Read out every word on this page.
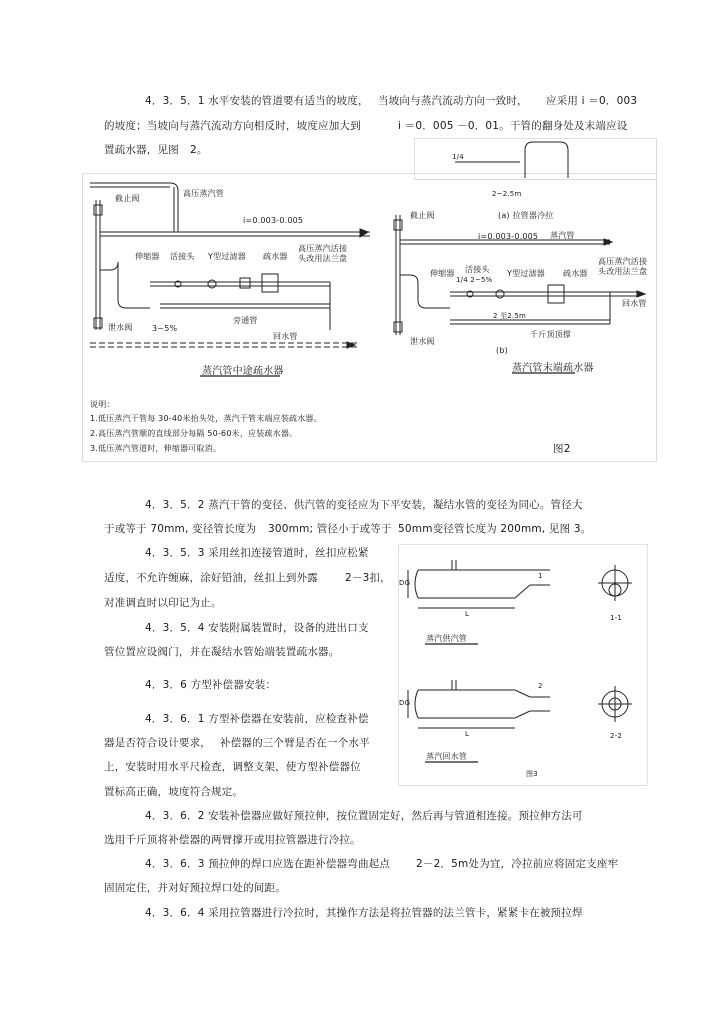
4．3．5．1 水平安装的管道要有适当的坡度， 当坡向与蒸汽流动方向一致时， 应采用 i ＝0．003
的坡度；当坡向与蒸汽流动方向相反时，坡度应加大到	i ＝0．005 －0．01。干管的翻身处及末端应设
置疏水器，见图 2。
截止阀
高压蒸汽管
i=0.003-0.005
伸缩器 活接头 Y型过滤器 疏水器
高压蒸汽活接
头改用法兰盘
旁通管
泄水阀 3~5%
回水管
蒸汽管中途疏水器
1/4
2~2.5m
(a) 拉管器冷拉
截止阀
i=0.003-0.005 蒸汽管
伸缩器 活接头
1/4 2~5%
Y型过滤器 疏水器
高压蒸汽活接
头改用法兰盘
回水管
2 至2.5m
千斤顶顶撑
(b)
泄水阀
蒸汽管末端疏水器
说明：
1.低压蒸汽干管每 30-40米抬头处，蒸汽干管末端应装疏水器。
2.高压蒸汽管顺的直线部分每隔 50-60米，应装疏水器。
3.低压蒸汽管道时，伸缩器可取消。	图2
4．3．5．2 蒸汽干管的变径、供汽管的变径应为下平安装，凝结水管的变径为同心。管径大
于或等于 70mm, 变径管长度为 300mm; 管径小于或等于 50mm变径管长度为 200mm, 见图 3。
4．3．5．3 采用丝扣连接管道时，丝扣应松紧
适度，不允许缠麻，涂好铅油，丝扣上到外露	2－3扣，
对准调直时以印记为止。
4．3．5．4 安装附属装置时，设备的进出口支
管位置应设阀门，并在凝结水管始端装置疏水器。
4．3．6 方型补偿器安装：
4．3．6．1 方型补偿器在安装前，应检查补偿
器是否符合设计要求， 补偿器的三个臂是否在一个水平
上，安装时用水平尺检查，调整支架，使方型补偿器位
置标高正确，坡度符合规定。
DG
DG
L
L
1
2
蒸汽供汽管
蒸汽回水管
1-1
2-2
图3
4．3．6．2 安装补偿器应做好预拉伸，按位置固定好，然后再与管道相连接。预拉伸方法可
选用千斤顶将补偿器的两臂撑开或用拉管器进行冷拉。
4．3．6．3 预拉伸的焊口应选在距补偿器弯曲起点 2－2．5m处为宜，冷拉前应将固定支座牢
固固定住，并对好预拉焊口处的间距。
4．3．6．4 采用拉管器进行冷拉时，其操作方法是将拉管器的法兰管卡，紧紧卡在被预拉焊
